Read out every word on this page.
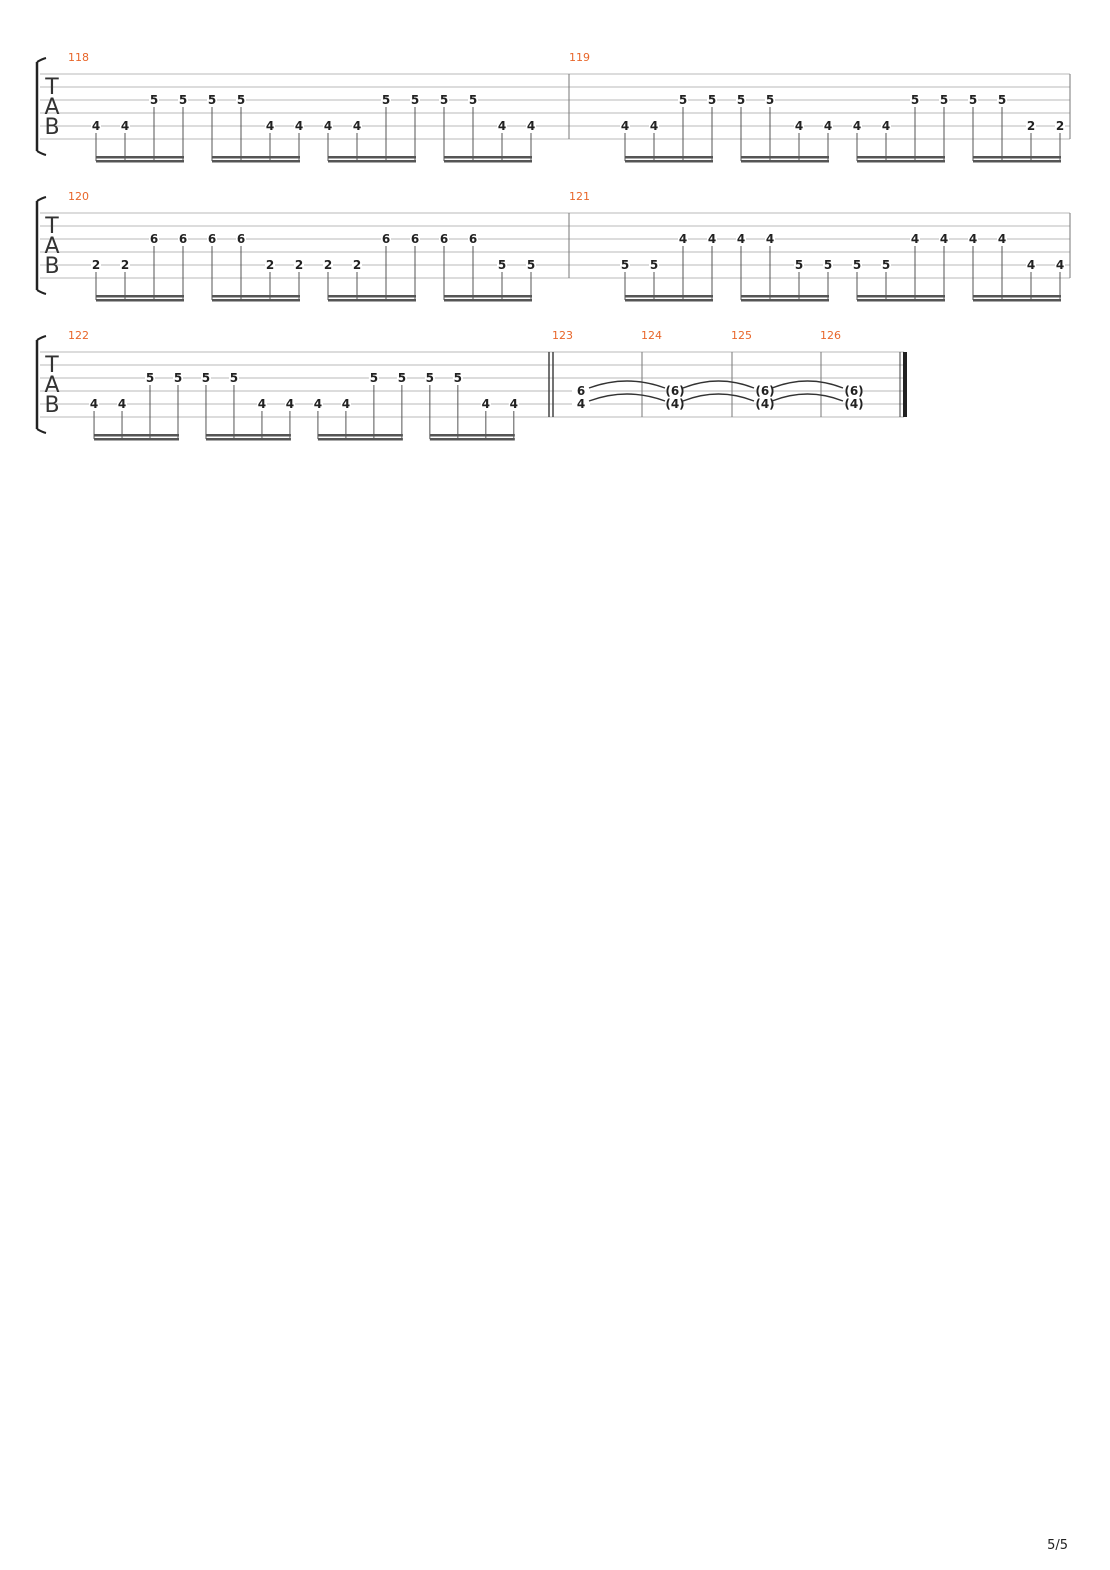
T
A
B
118
4 4
5 5 5 5
4 4 4 4
5 5 5 5
4 4
119
4 4
5 5 5 5
4 4 4 4
5 5 5 5
2 2
T
A
B
120
2 2
6 6 6 6
2 2 2 2
6 6 6 6
5 5
121
5 5
4 4 4 4
5 5 5 5
4 4 4 4
4 4
T
A
B
122
4 4
5 5 5 5
4 4 4 4
5 5 5 5
4 4
123
6
4
124
(6)
(4)
125
(6)
(4)
126
(6)
(4)
5/5
